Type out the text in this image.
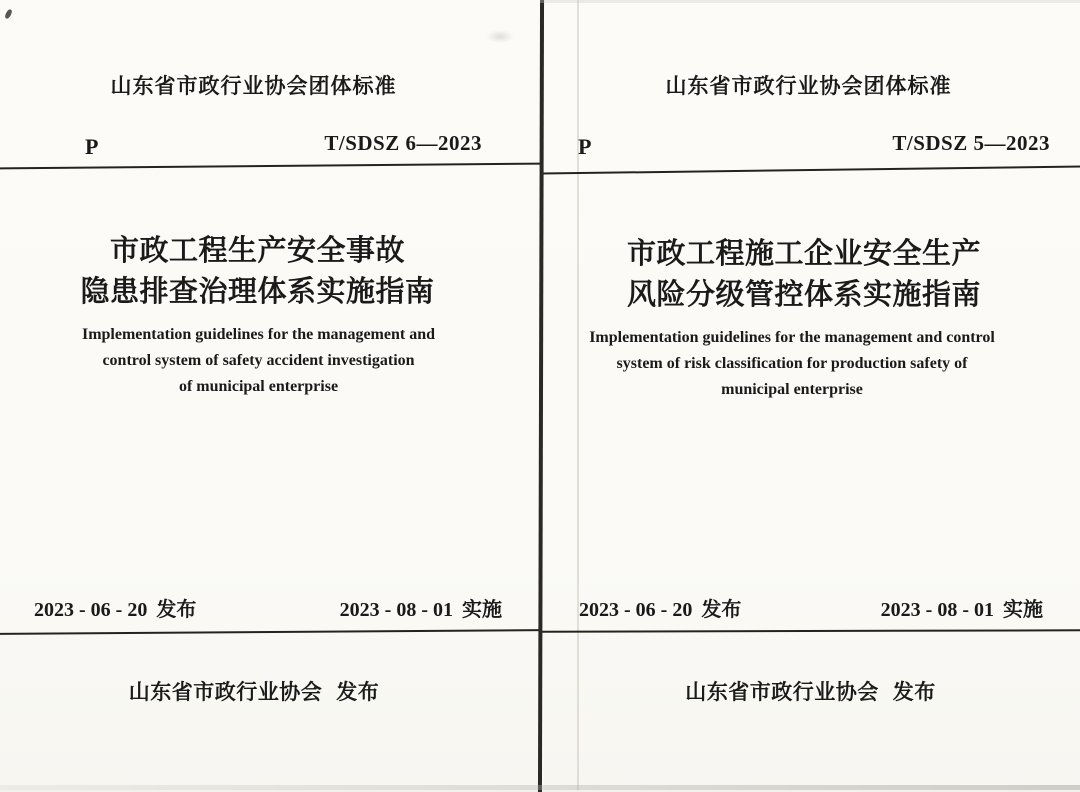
山东省市政行业协会团体标准
P	T/SDSZ 6—2023
市政工程生产安全事故
隐患排查治理体系实施指南
Implementation guidelines for the management and
control system of safety accident investigation
of municipal enterprise
2023 - 06 - 20 发布	2023 - 08 - 01 实施
山东省市政行业协会 发布
山东省市政行业协会团体标准
P	T/SDSZ 5—2023
市政工程施工企业安全生产
风险分级管控体系实施指南
Implementation guidelines for the management and control
system of risk classification for production safety of
municipal enterprise
2023 - 06 - 20 发布	2023 - 08 - 01 实施
山东省市政行业协会 发布
